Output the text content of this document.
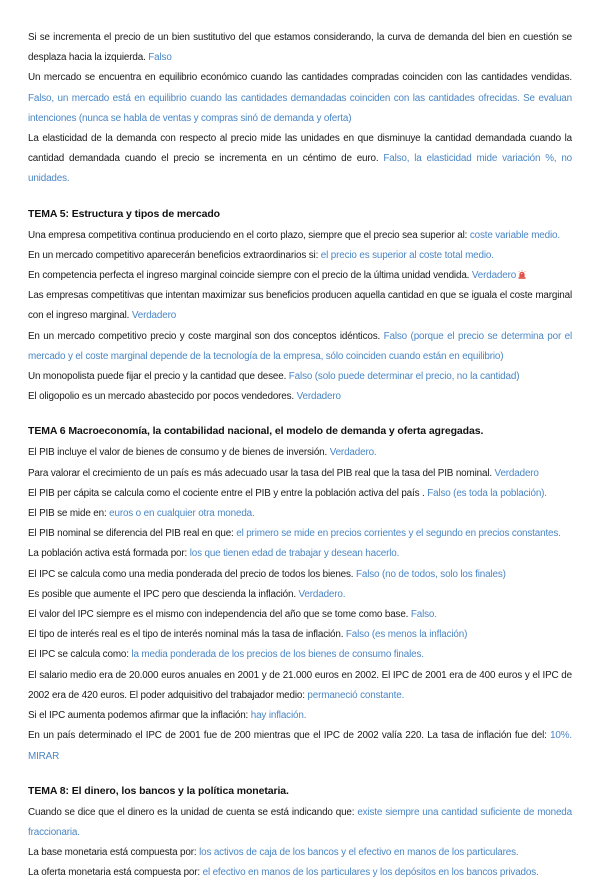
Si se incrementa el precio de un bien sustitutivo del que estamos considerando, la curva de demanda del bien en cuestión se desplaza hacia la izquierda. Falso

Un mercado se encuentra en equilibrio económico cuando las cantidades compradas coinciden con las cantidades vendidas. Falso, un mercado está en equilibrio cuando las cantidades demandadas coinciden con las cantidades ofrecidas. Se evaluan intenciones (nunca se habla de ventas y compras sinó de demanda y oferta)

La elasticidad de la demanda con respecto al precio mide las unidades en que disminuye la cantidad demandada cuando la cantidad demandada cuando el precio se incrementa en un céntimo de euro. Falso, la elasticidad mide variación %, no unidades.

TEMA 5: Estructura y tipos de mercado

Una empresa competitiva continua produciendo en el corto plazo, siempre que el precio sea superior al: coste variable medio.

En un mercado competitivo aparecerán beneficios extraordinarios si: el precio es superior al coste total medio.

En competencia perfecta el ingreso marginal coincide siempre con el precio de la última unidad vendida. Verdadero

Las empresas competitivas que intentan maximizar sus beneficios producen aquella cantidad en que se iguala el coste marginal con el ingreso marginal. Verdadero

En un mercado competitivo precio y coste marginal son dos conceptos idénticos. Falso (porque el precio se determina por el mercado y el coste marginal depende de la tecnología de la empresa, sólo coinciden cuando están en equilibrio)

Un monopolista puede fijar el precio y la cantidad que desee. Falso (solo puede determinar el precio, no la cantidad)

El oligopolio es un mercado abastecido por pocos vendedores. Verdadero

TEMA 6 Macroeconomía, la contabilidad nacional, el modelo de demanda y oferta agregadas.

El PIB incluye el valor de bienes de consumo y de bienes de inversión. Verdadero.

Para valorar el crecimiento de un país es más adecuado usar la tasa del PIB real que la tasa del PIB nominal. Verdadero

El PIB per cápita se calcula como el cociente entre el PIB y entre la población activa del país . Falso (es toda la población).

El PIB se mide en: euros o en cualquier otra moneda.

El PIB nominal se diferencia del PIB real en que: el primero se mide en precios corrientes y el segundo en precios constantes.

La población activa está formada por: los que tienen edad de trabajar y desean hacerlo.

El IPC se calcula como una media ponderada del precio de todos los bienes. Falso (no de todos, solo los finales)

Es posible que aumente el IPC pero que descienda la inflación. Verdadero.

El valor del IPC siempre es el mismo con independencia del año que se tome como base. Falso.

El tipo de interés real es el tipo de interés nominal más la tasa de inflación. Falso (es menos la inflación)

El IPC se calcula como: la media ponderada de los precios de los bienes de consumo finales.

El salario medio era de 20.000 euros anuales en 2001 y de 21.000 euros en 2002. El IPC de 2001 era de 400 euros y el IPC de 2002 era de 420 euros. El poder adquisitivo del trabajador medio: permaneció constante.

Si el IPC aumenta podemos afirmar que la inflación: hay inflación.

En un país determinado el IPC de 2001 fue de 200 mientras que el IPC de 2002 valía 220. La tasa de inflación fue del: 10%. MIRAR

TEMA 8: El dinero, los bancos y la política monetaria.

Cuando se dice que el dinero es la unidad de cuenta se está indicando que: existe siempre una cantidad suficiente de moneda fraccionaria.

La base monetaria está compuesta por: los activos de caja de los bancos y el efectivo en manos de los particulares.

La oferta monetaria está compuesta por: el efectivo en manos de los particulares y los depósitos en los bancos privados.
